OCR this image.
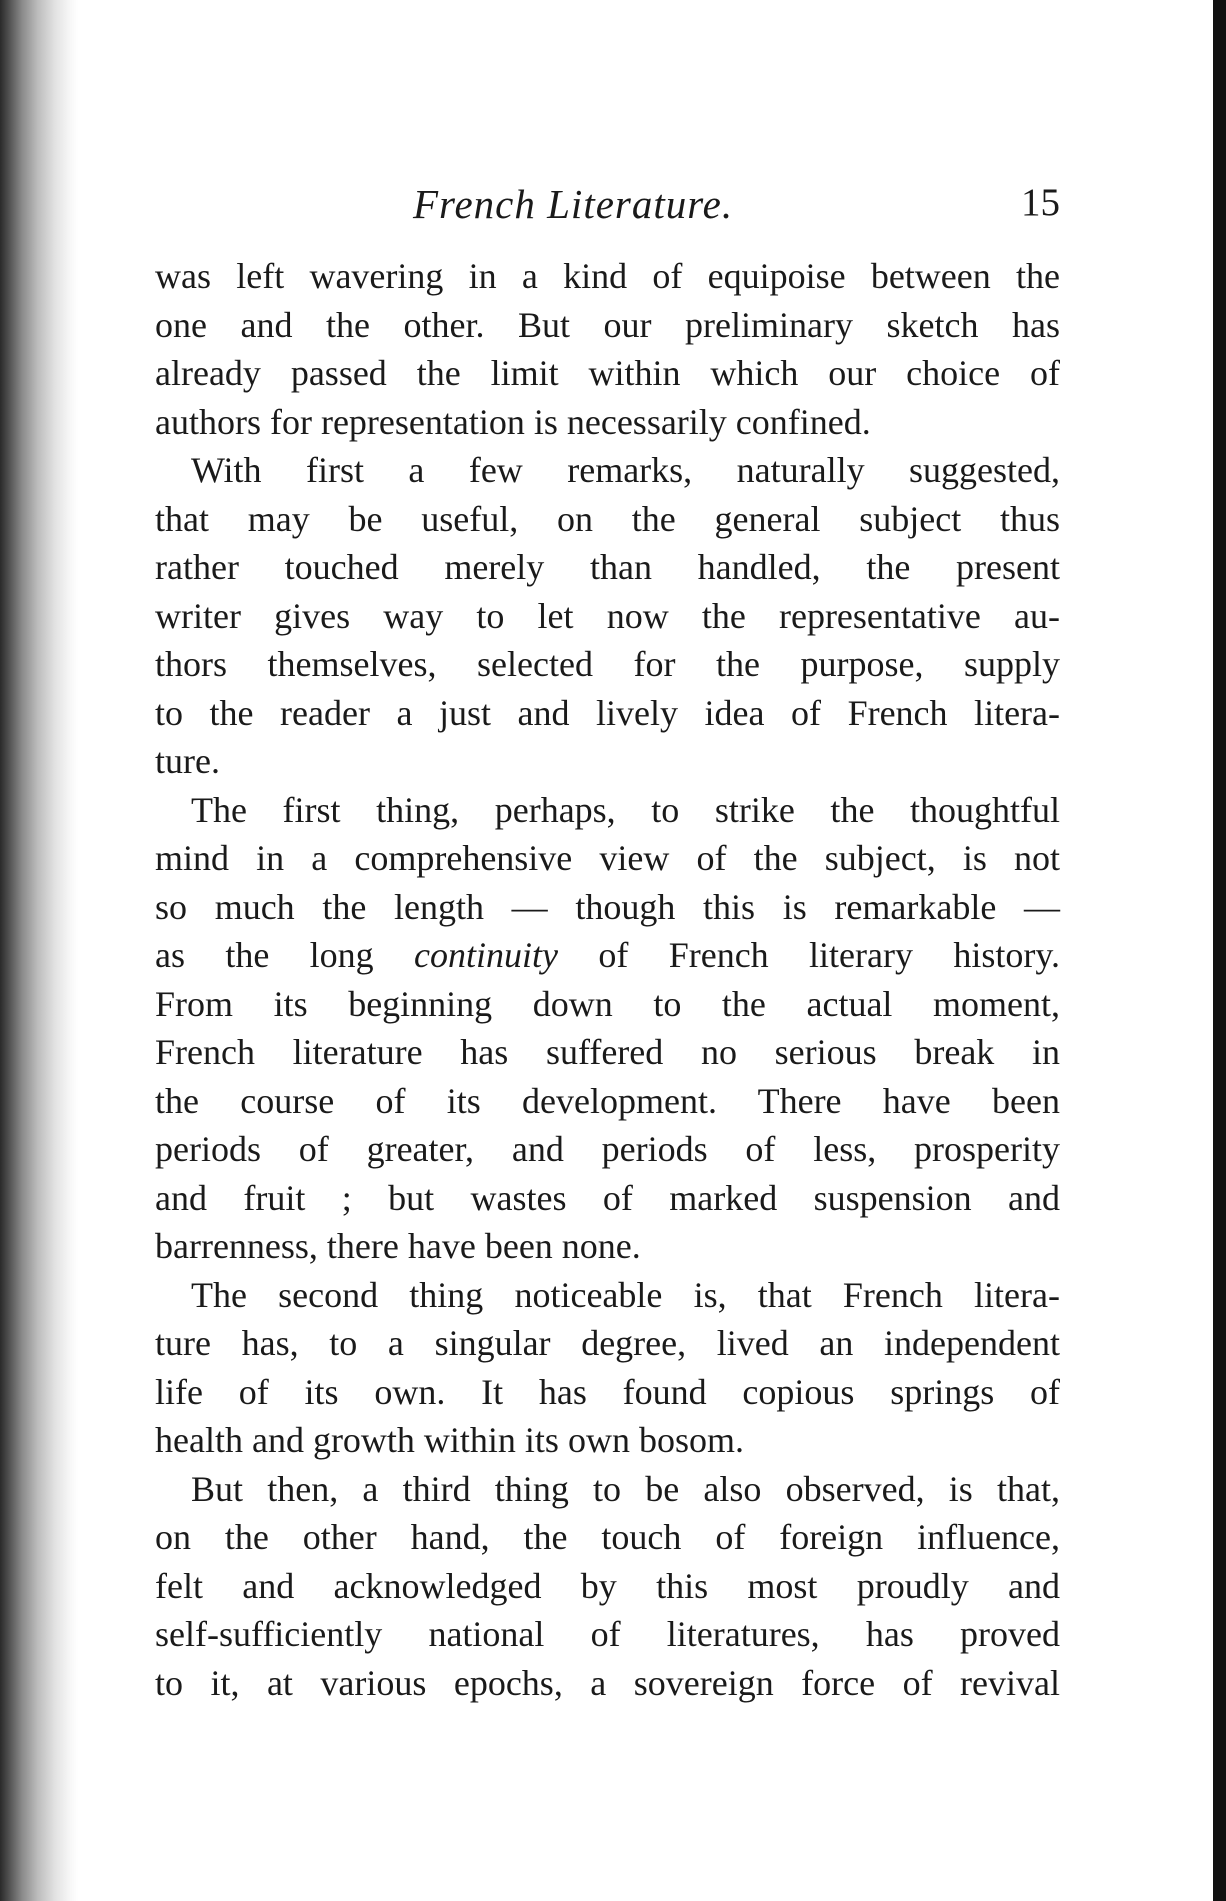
French Literature.	15
was left wavering in a kind of equipoise between the
one and the other. But our preliminary sketch has
already passed the limit within which our choice of
authors for representation is necessarily confined.
With first a few remarks, naturally suggested,
that may be useful, on the general subject thus
rather touched merely than handled, the present
writer gives way to let now the representative au-
thors themselves, selected for the purpose, supply
to the reader a just and lively idea of French litera-
ture.
The first thing, perhaps, to strike the thoughtful
mind in a comprehensive view of the subject, is not
so much the length — though this is remarkable —
as the long continuity of French literary history.
From its beginning down to the actual moment,
French literature has suffered no serious break in
the course of its development. There have been
periods of greater, and periods of less, prosperity
and fruit ; but wastes of marked suspension and
barrenness, there have been none.
The second thing noticeable is, that French litera-
ture has, to a singular degree, lived an independent
life of its own. It has found copious springs of
health and growth within its own bosom.
But then, a third thing to be also observed, is that,
on the other hand, the touch of foreign influence,
felt and acknowledged by this most proudly and
self-sufficiently national of literatures, has proved
to it, at various epochs, a sovereign force of revival
